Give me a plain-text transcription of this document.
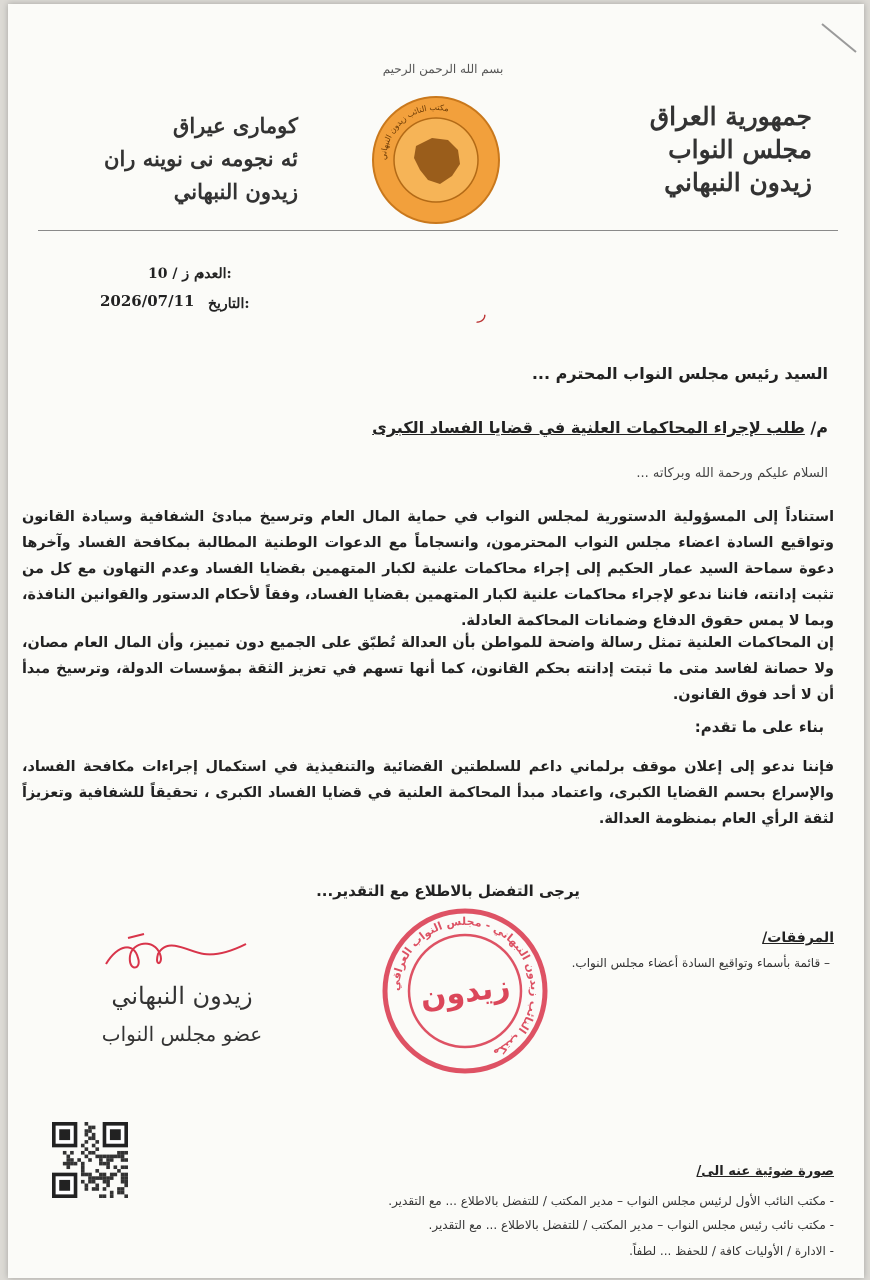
بسم الله الرحمن الرحيم
جمهورية العراق
مجلس النواب
زيدون النبهاني
كوماری عيراق
ئه نجومه نی نوينه ران
زيدون النبهاني
مكتب النائب زيدون النبهاني
العدد:
م ز / 10
التاريخ:
2026/07/11
ﺭ
السيد رئيس مجلس النواب المحترم ...
م/ طلب لإجراء المحاكمات العلنية في قضايا الفساد الكبرى
السلام عليكم ورحمة الله وبركاته ...
استناداً إلى المسؤولية الدستورية لمجلس النواب في حماية المال العام وترسيخ مبادئ الشفافية وسيادة القانون وتواقيع السادة اعضاء مجلس النواب المحترمون، وانسجاماً مع الدعوات الوطنية المطالبة بمكافحة الفساد وآخرها دعوة سماحة السيد عمار الحكيم إلى إجراء محاكمات علنية لكبار المتهمين بقضايا الفساد وعدم التهاون مع كل من تثبت إدانته، فاننا ندعو لإجراء محاكمات علنية لكبار المتهمين بقضايا الفساد، وفقاً لأحكام الدستور والقوانين النافذة، وبما لا يمس حقوق الدفاع وضمانات المحاكمة العادلة.
إن المحاكمات العلنية تمثل رسالة واضحة للمواطن بأن العدالة تُطبّق على الجميع دون تمييز، وأن المال العام مصان، ولا حصانة لفاسد متى ما ثبتت إدانته بحكم القانون، كما أنها تسهم في تعزيز الثقة بمؤسسات الدولة، وترسيخ مبدأ أن لا أحد فوق القانون.
بناء على ما تقدم:
فإننا ندعو إلى إعلان موقف برلماني داعم للسلطتين القضائية والتنفيذية في استكمال إجراءات مكافحة الفساد، والإسراع بحسم القضايا الكبرى، واعتماد مبدأ المحاكمة العلنية في قضايا الفساد الكبرى ، تحقيقاً للشفافية وتعزيزاً لثقة الرأي العام بمنظومة العدالة.
يرجى التفضل بالاطلاع مع التقدير...
المرفقات/
– قائمة بأسماء وتواقيع السادة أعضاء مجلس النواب.
مكتب النائب زيدون النبهاني - مجلس النواب العراقي
زيدون
زيدون النبهاني
عضو مجلس النواب
صورة ضوئية عنه الى/
- مكتب النائب الأول لرئيس مجلس النواب – مدير المكتب / للتفضل بالاطلاع ... مع التقدير.
- مكتب نائب رئيس مجلس النواب – مدير المكتب / للتفضل بالاطلاع ... مع التقدير.
- الادارة / الأوليات كافة / للحفظ ... لطفاً.
